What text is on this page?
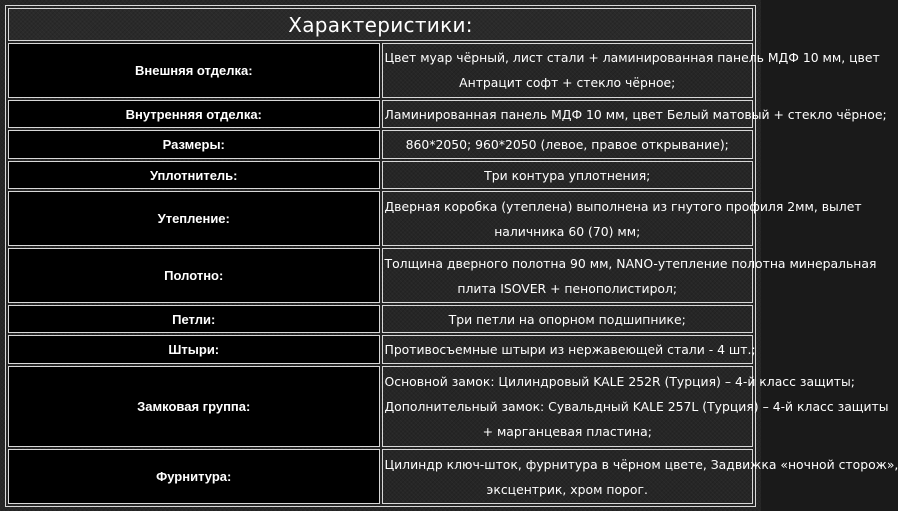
Характеристики:	
Внешняя отделка:	Цвет муар чёрный, лист стали + ламинированная панель МДФ 10 мм, цвет
Антрацит софт + стекло чёрное;

Внутренняя отделка:	Ламинированная панель МДФ 10 мм, цвет Белый матовый + стекло чёрное;

Размеры:	860*2050; 960*2050 (левое, правое открывание);

Уплотнитель:	Три контура уплотнения;

Утепление:	Дверная коробка (утеплена) выполнена из гнутого профиля 2мм, вылет
наличника 60 (70) мм;

Полотно:	Толщина дверного полотна 90 мм, NANO-утепление полотна минеральная
плита ISOVER + пенополистирол;

Петли:	Три петли на опорном подшипнике;

Штыри:	Противосъемные штыри из нержавеющей стали - 4 шт.;

Замковая группа:	Основной замок: Цилиндровый KALE 252R (Турция) – 4-й класс защиты;
Дополнительный замок: Сувальдный KALE 257L (Турция) – 4-й класс защиты
+ марганцевая пластина;

Фурнитура:	Цилиндр ключ-шток, фурнитура в чёрном цвете, Задвижка «ночной сторож»,
эксцентрик, хром порог.
